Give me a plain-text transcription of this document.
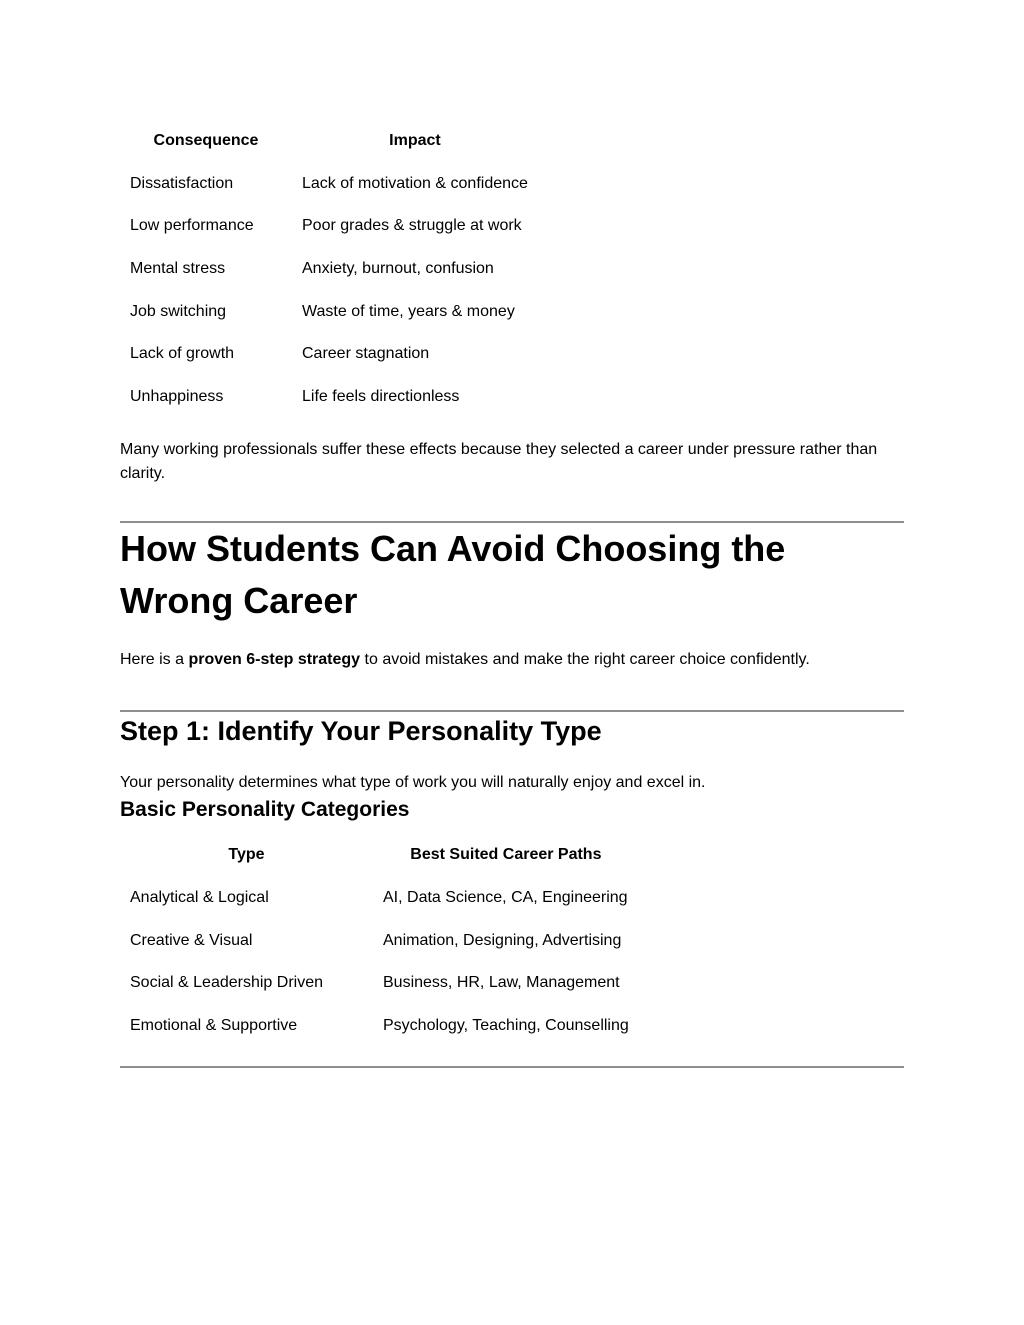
Consequence	Impact
Dissatisfaction	Lack of motivation & confidence
Low performance	Poor grades & struggle at work
Mental stress	Anxiety, burnout, confusion
Job switching	Waste of time, years & money
Lack of growth	Career stagnation
Unhappiness	Life feels directionless

Many working professionals suffer these effects because they selected a career under pressure rather than clarity.

How Students Can Avoid Choosing the Wrong Career

Here is a proven 6-step strategy to avoid mistakes and make the right career choice confidently.

Step 1: Identify Your Personality Type

Your personality determines what type of work you will naturally enjoy and excel in.

Basic Personality Categories
Type	Best Suited Career Paths
Analytical & Logical	AI, Data Science, CA, Engineering
Creative & Visual	Animation, Designing, Advertising
Social & Leadership Driven	Business, HR, Law, Management
Emotional & Supportive	Psychology, Teaching, Counselling
